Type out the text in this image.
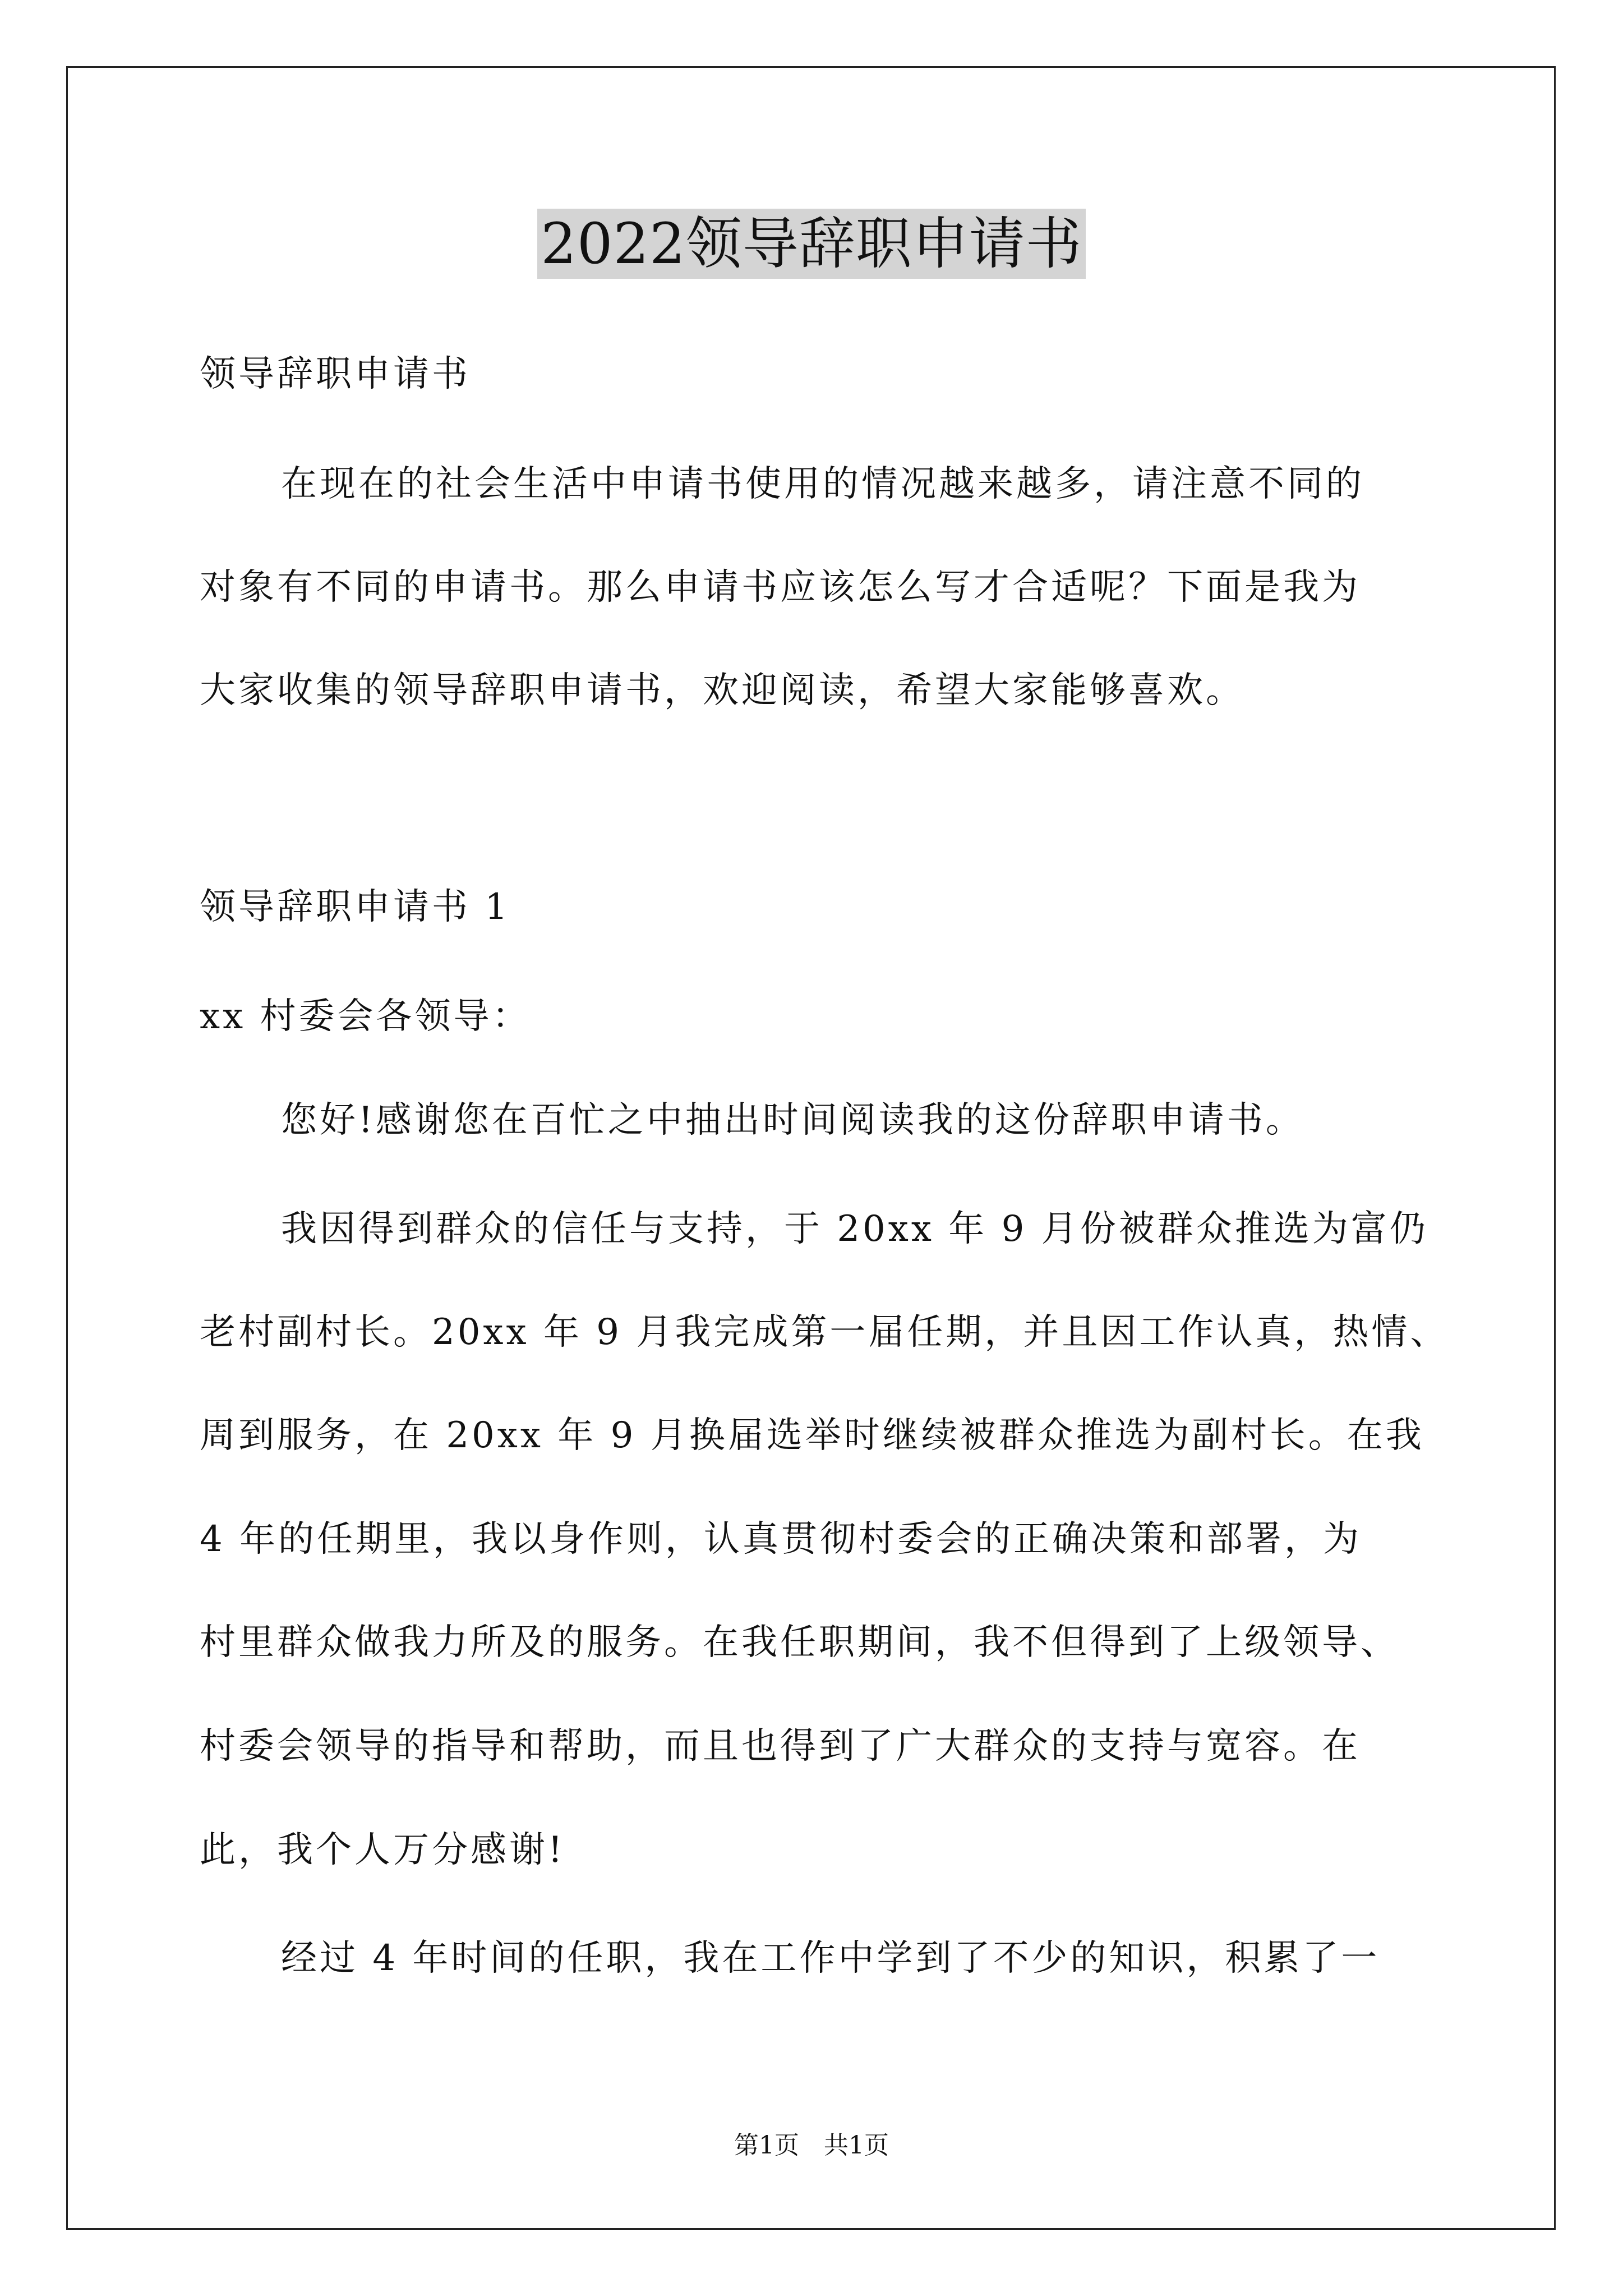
2022领导辞职申请书
领导辞职申请书
在现在的社会生活中申请书使用的情况越来越多，请注意不同的
对象有不同的申请书。那么申请书应该怎么写才合适呢？下面是我为
大家收集的领导辞职申请书，欢迎阅读，希望大家能够喜欢。
领导辞职申请书 1
xx 村委会各领导：
您好!感谢您在百忙之中抽出时间阅读我的这份辞职申请书。
我因得到群众的信任与支持，于 20xx 年 9 月份被群众推选为富仍
老村副村长。20xx 年 9 月我完成第一届任期，并且因工作认真，热情、
周到服务，在 20xx 年 9 月换届选举时继续被群众推选为副村长。在我
4 年的任期里，我以身作则，认真贯彻村委会的正确决策和部署，为
村里群众做我力所及的服务。在我任职期间，我不但得到了上级领导、
村委会领导的指导和帮助，而且也得到了广大群众的支持与宽容。在
此，我个人万分感谢!
经过 4 年时间的任职，我在工作中学到了不少的知识，积累了一
第1页 共1页
